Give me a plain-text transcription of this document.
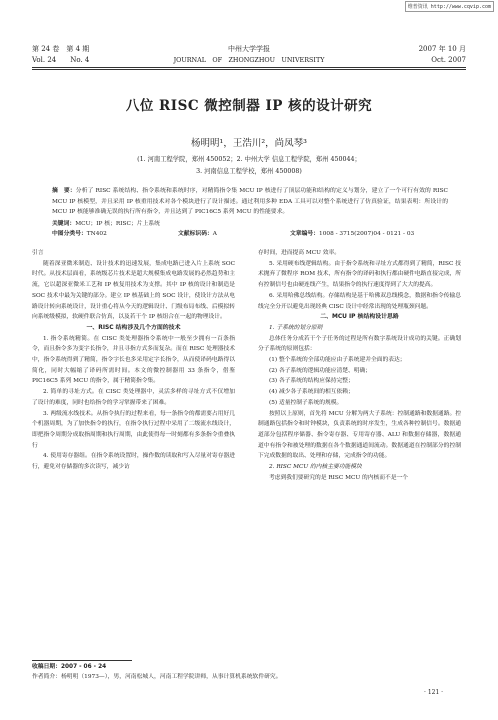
维普资讯 http://www.cqvip.com
第 24 卷　第 4 期
Vol. 24　　No. 4
中州大学学报
JOURNAL　OF　ZHONGZHOU　UNIVERSITY
2007 年 10 月
Oct. 2007
八位 RISC 微控制器 IP 核的设计研究
杨明明¹，王浩川²，尚凤琴³
(1. 河南工程学院，郑州 450052；2. 中州大学 信息工程学院，郑州 450044；
3. 河南信息工程学校，郑州 450008)
摘　要：分析了 RISC 系统结构、指令系统和系统时序，对精简指令集 MCU IP 核进行了顶层功能和结构的定义与划分，建立了一个可行有效的 RISC MCU IP 核模型，并且采用 IP 核重用技术对各个模块进行了设计描述。通过利用多种 EDA 工具可以对整个系统进行了仿真验证，结果表明：所设计的 MCU IP 核能够准确无误的执行所有指令，并且达到了 PIC16C5 系列 MCU 的性能要求。
关键词：MCU；IP 核；RISC；片上系统
中图分类号：TN402	文献标识码：A	文章编号：1008 - 3715(2007)04 - 0121 - 03

引言

随着深亚微米制造、设计技术的迅速发展，集成电路已进入片上系统 SOC 时代。从技术层面看，系统级芯片技术是超大规模集成电路发展的必然趋势和主流，它以超深亚微米工艺和 IP 核复用技术为支撑。其中 IP 核的设计和制造是 SOC 技术中最为关键的部分。建立 IP 核基础上的 SOC 设计，使设计方法从电路设计转向系统设计，设计重心将从今天的逻辑设计、门级布局布线、后模拟转向系统级模拟，软硬件联合仿真，以及若干个 IP 核组合在一起的物理设计。

一、RISC 结构涉及几个方面的技术

1. 指令系统精简。在 CISC 类处理器指令系统中一般至少拥有一百条指令，而且指令多为变字长指令，并且寻指方式多而复杂。而在 RISC 处理器技术中，指令系统得到了精简，指令字长也多采用定字长指令，从而使译码电路得以简化，同时大幅缩了译码所需时间。本文的微控制器用 33 条指令，借鉴 PIC16C5 系列 MCU 的指令，属于精简指令集。

2. 简单的寻址方式。在 CISC 类处理器中，灵活多样的寻址方式不仅增加了设计的难度，同时也给指令的学习掌握带来了困难。

3. 两级流水线技术。从指令执行的过程来看，每一条指令的都需要占用好几个机器周期，为了加快指令的执行，在指令执行过程中采用了二级流水线设计，即把指令周期分成取指周期和执行周期，由此使得每一时刻都有多条指令重叠执行

4. 使用寄存器组。在指令系统设置时，操作数的读取和写入尽量对寄存器进行，避免对存储器的多次读写，减少访

存时间，进而提高 MCU 效率。

5. 采用硬布线逻辑结构。由于指令系统和寻址方式都得到了精简，RISC 技术抛弃了微程序 ROM 技术，所有指令的译码和执行都由硬件电路直接完成，所有控制信号也由硬连线产生，结果指令的执行速度得到了大大的提高。

6. 采用哈佛总线结构。存储结构是基于哈佛双总线模念，数据和指令传输总线完全分开以避免出现经典 CISC 设计中经常出现的处理瓶颈问题。

二、MCU IP 核结构设计思路

1. 子系统的划分原则

总体任务分成若干个子任务的过程是所有数字系统设计成功的关键。正确划分子系统的原则包括：

(1) 整个系统的全部功能应由子系统建并全面的表达；

(2) 各子系统的逻辑功能应清楚、明确；

(3) 各子系统的结构应保持完整；

(4) 减少各子系统间的相互依赖；

(5) 适量控制子系统的规模。

按照以上原则，首先将 MCU 分解为两大子系统：控制通路和数据通路。控制通路包括指令和时钟模块，负责系统的时序发生，生成各种控制信号。数据通道部分包括程序储器、指令寄存器、专用寄存器、ALU 和数据存储器，数据通道中有指令和被处理的数据在各个数据通道间流动。数据通道在控制部分的控制下完成数据的取出、处理和存储，完成指令的功能。

2. RISC MCU 的内核主要功能模块

考虑到我们要研究的是 RISC MCU 的内核而不是一个

收稿日期：2007 - 06 - 24
作者简介：杨明明（1973—），男，河南松城人，河南工程学院讲师，从事计算机系统软件研究。
· 121 ·
